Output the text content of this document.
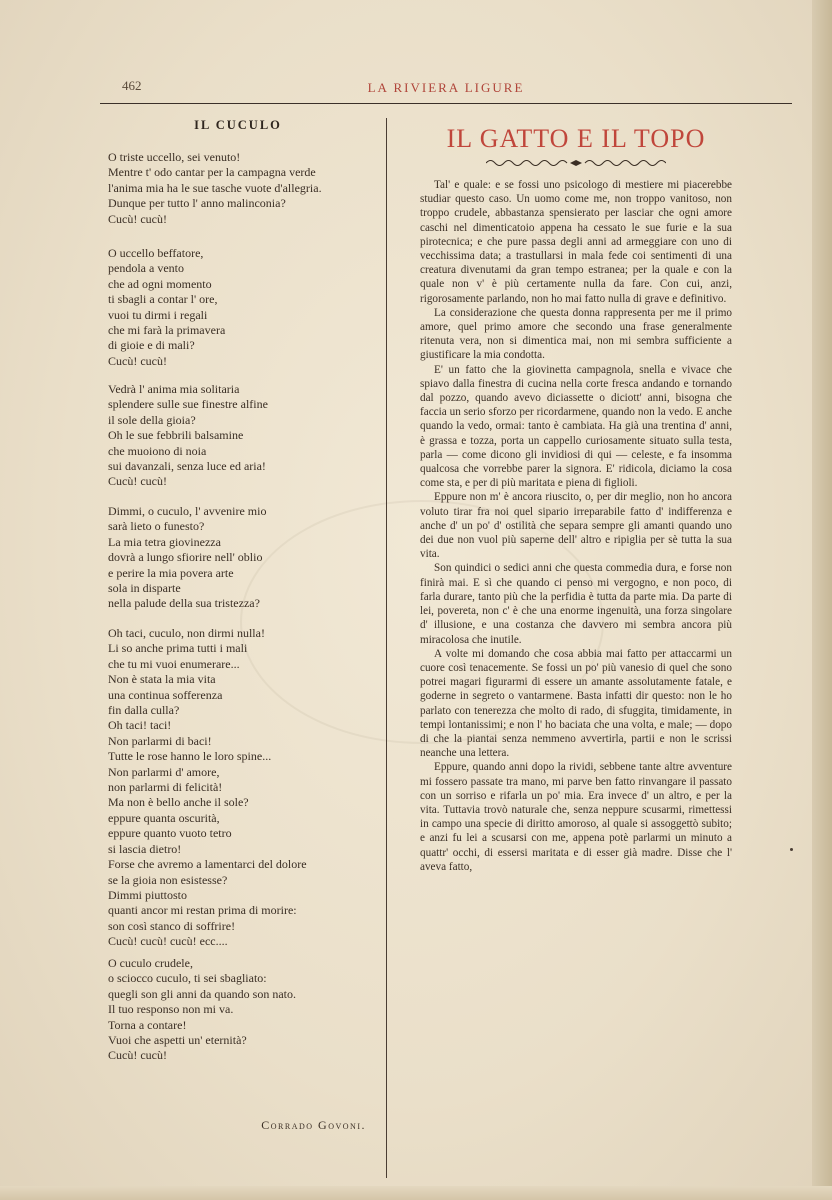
462	LA RIVIERA LIGURE
IL CUCULO
O triste uccello, sei venuto!
Mentre t' odo cantar per la campagna verde
l'anima mia ha le sue tasche vuote d'allegria.
Dunque per tutto l' anno malinconia?
Cucù! cucù!
O uccello beffatore,
pendola a vento
che ad ogni momento
ti sbagli a contar l' ore,
vuoi tu dirmi i regali
che mi farà la primavera
di gioie e di mali?
Cucù! cucù!
Vedrà l' anima mia solitaria
splendere sulle sue finestre alfine
il sole della gioia?
Oh le sue febbrili balsamine
che muoiono di noia
sui davanzali, senza luce ed aria!
Cucù! cucù!
Dimmi, o cuculo, l' avvenire mio
sarà lieto o funesto?
La mia tetra giovinezza
dovrà a lungo sfiorire nell' oblio
e perire la mia povera arte
sola in disparte
nella palude della sua tristezza?
Oh taci, cuculo, non dirmi nulla!
Li so anche prima tutti i mali
che tu mi vuoi enumerare...
Non è stata la mia vita
una continua sofferenza
fin dalla culla?
Oh taci! taci!
Non parlarmi di baci!
Tutte le rose hanno le loro spine...
Non parlarmi d' amore,
non parlarmi di felicità!
Ma non è bello anche il sole?
eppure quanta oscurità,
eppure quanto vuoto tetro
si lascia dietro!
Forse che avremo a lamentarci del dolore
se la gioia non esistesse?
Dimmi piuttosto
quanti ancor mi restan prima di morire:
son così stanco di soffrire!
Cucù! cucù! cucù! ecc....
O cuculo crudele,
o sciocco cuculo, ti sei sbagliato:
quegli son gli anni da quando son nato.
Il tuo responso non mi va.
Torna a contare!
Vuoi che aspetti un' eternità?
Cucù! cucù!
Corrado Govoni.
IL GATTO E IL TOPO

Tal' e quale: e se fossi uno psicologo di mestiere mi piacerebbe studiar questo caso. Un uomo come me, non troppo vanitoso, non troppo crudele, abbastanza spensierato per lasciar che ogni amore caschi nel dimenticatoio appena ha cessato le sue furie e la sua pirotecnica; e che pure passa degli anni ad armeggiare con uno di vecchissima data; a trastullarsi in mala fede coi sentimenti di una creatura divenutami da gran tempo estranea; per la quale e con la quale non v' è più certamente nulla da fare. Con cui, anzi, rigorosamente parlando, non ho mai fatto nulla di grave e definitivo.

La considerazione che questa donna rappresenta per me il primo amore, quel primo amore che secondo una frase generalmente ritenuta vera, non si dimentica mai, non mi sembra sufficiente a giustificare la mia condotta.

E' un fatto che la giovinetta campagnola, snella e vivace che spiavo dalla finestra di cucina nella corte fresca andando e tornando dal pozzo, quando avevo diciassette o diciott' anni, bisogna che faccia un serio sforzo per ricordarmene, quando non la vedo. E anche quando la vedo, ormai: tanto è cambiata. Ha già una trentina d' anni, è grassa e tozza, porta un cappello curiosamente situato sulla testa, parla — come dicono gli invidiosi di qui — celeste, e fa insomma qualcosa che vorrebbe parer la signora. E' ridicola, diciamo la cosa come sta, e per di più maritata e piena di figlioli.

Eppure non m' è ancora riuscito, o, per dir meglio, non ho ancora voluto tirar fra noi quel sipario irreparabile fatto d' indifferenza e anche d' un po' d' ostilità che separa sempre gli amanti quando uno dei due non vuol più saperne dell' altro e ripiglia per sè tutta la sua vita.

Son quindici o sedici anni che questa commedia dura, e forse non finirà mai. E sì che quando ci penso mi vergogno, e non poco, di farla durare, tanto più che la perfidia è tutta da parte mia. Da parte di lei, povereta, non c' è che una enorme ingenuità, una forza singolare d' illusione, e una costanza che davvero mi sembra ancora più miracolosa che inutile.

A volte mi domando che cosa abbia mai fatto per attaccarmi un cuore così tenacemente. Se fossi un po' più vanesio di quel che sono potrei magari figurarmi di essere un amante assolutamente fatale, e goderne in segreto o vantarmene. Basta infatti dir questo: non le ho parlato con tenerezza che molto di rado, di sfuggita, timidamente, in tempi lontanissimi; e non l' ho baciata che una volta, e male; — dopo di che la piantai senza nemmeno avvertirla, partii e non le scrissi neanche una lettera.

Eppure, quando anni dopo la rividi, sebbene tante altre avventure mi fossero passate tra mano, mi parve ben fatto rinvangare il passato con un sorriso e rifarla un po' mia. Era invece d' un altro, e per la vita. Tuttavia trovò naturale che, senza neppure scusarmi, rimettessi in campo una specie di diritto amoroso, al quale si assoggettò subito; e anzi fu lei a scusarsi con me, appena potè parlarmi un minuto a quattr' occhi, di essersi maritata e di esser già madre. Disse che l' aveva fatto,
